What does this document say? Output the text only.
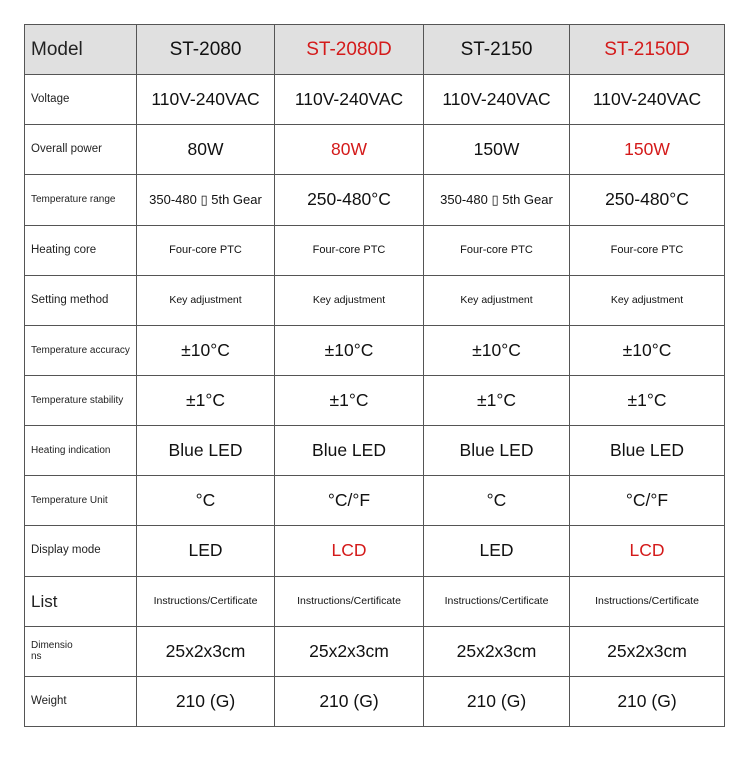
Model	ST-2080	ST-2080D	ST-2150	ST-2150D
Voltage	110V-240VAC	110V-240VAC	110V-240VAC	110V-240VAC
Overall power	80W	80W	150W	150W
Temperature range	350-480 ▯ 5th Gear	250-480°C	350-480 ▯ 5th Gear	250-480°C
Heating core	Four-core PTC	Four-core PTC	Four-core PTC	Four-core PTC
Setting method	Key adjustment	Key adjustment	Key adjustment	Key adjustment
Temperature accuracy	±10°C	±10°C	±10°C	±10°C
Temperature stability	±1°C	±1°C	±1°C	±1°C
Heating indication	Blue LED	Blue LED	Blue LED	Blue LED
Temperature Unit	°C	°C/°F	°C	°C/°F
Display mode	LED	LCD	LED	LCD
List	Instructions/Certificate	Instructions/Certificate	Instructions/Certificate	Instructions/Certificate
Dimensions	25x2x3cm	25x2x3cm	25x2x3cm	25x2x3cm
Weight	210 (G)	210 (G)	210 (G)	210 (G)
